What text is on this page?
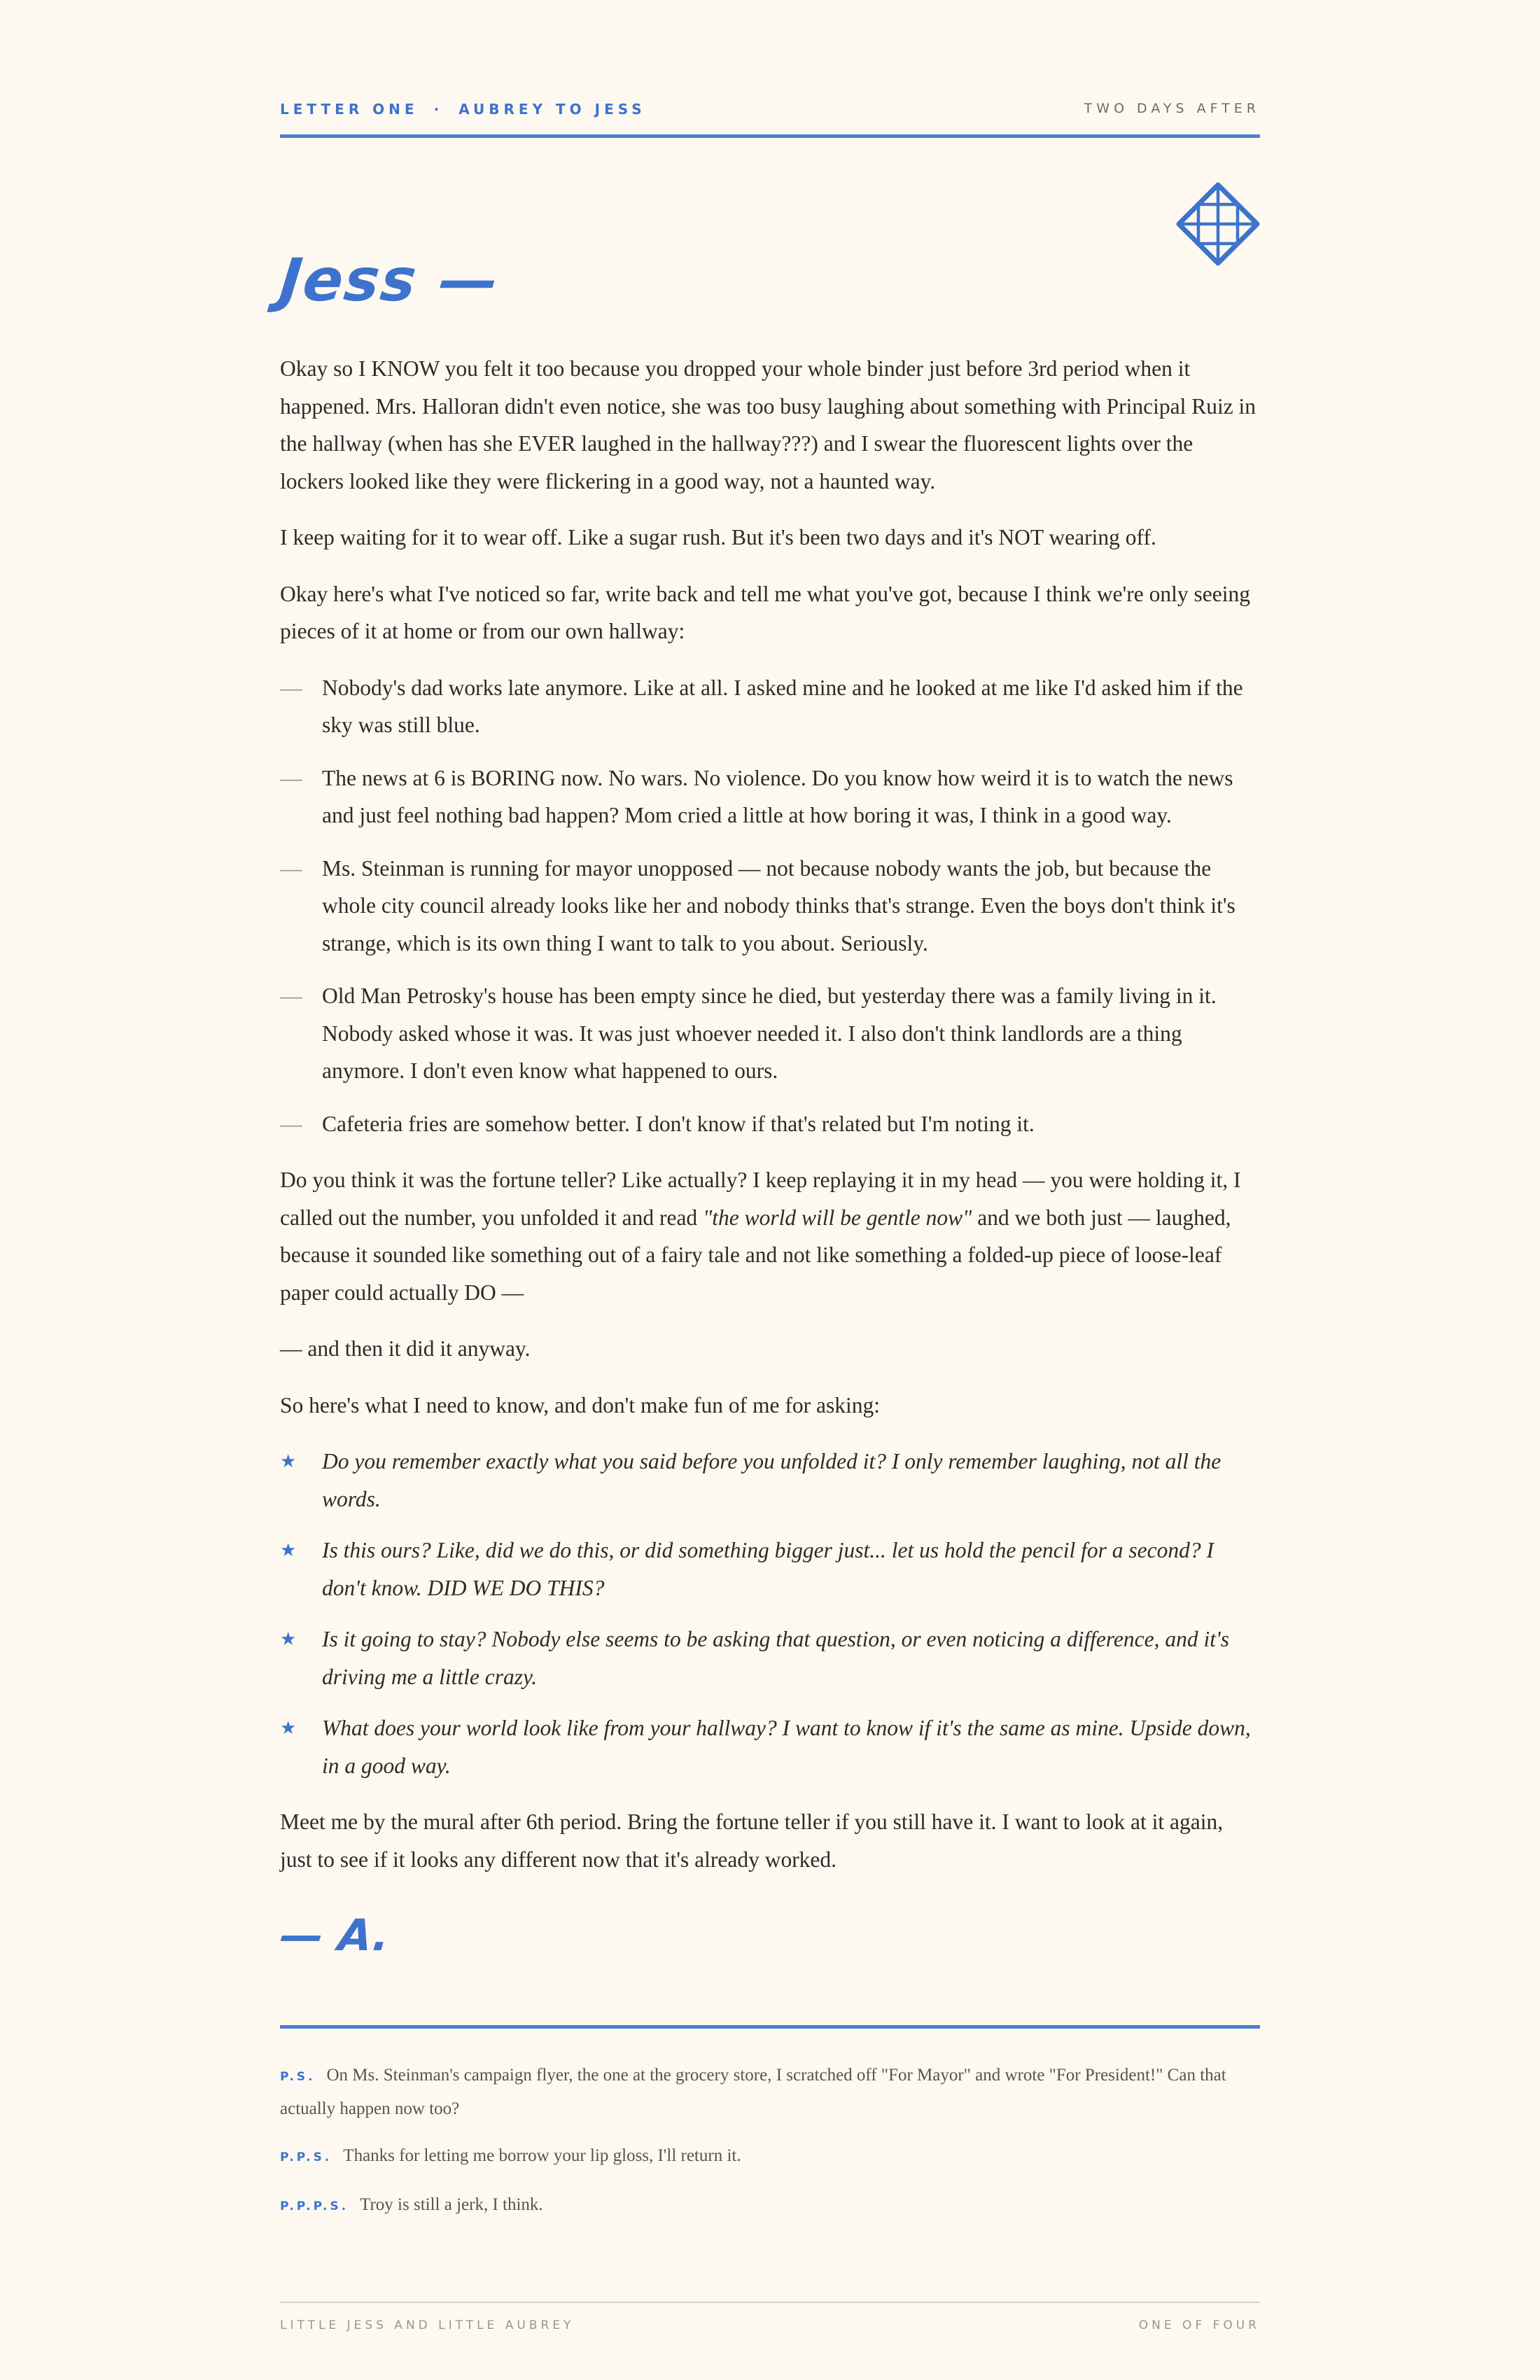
LETTER ONE · AUBREY TO JESS	TWO DAYS AFTER
Jess —

Okay so I KNOW you felt it too because you dropped your whole binder just before 3rd period when it happened. Mrs. Halloran didn't even notice, she was too busy laughing about something with Principal Ruiz in the hallway (when has she EVER laughed in the hallway???) and I swear the fluorescent lights over the lockers looked like they were flickering in a good way, not a haunted way.

I keep waiting for it to wear off. Like a sugar rush. But it's been two days and it's NOT wearing off.

Okay here's what I've noticed so far, write back and tell me what you've got, because I think we're only seeing pieces of it at home or from our own hallway:

— Nobody's dad works late anymore. Like at all. I asked mine and he looked at me like I'd asked him if the sky was still blue.
— The news at 6 is BORING now. No wars. No violence. Do you know how weird it is to watch the news and just feel nothing bad happen? Mom cried a little at how boring it was, I think in a good way.
— Ms. Steinman is running for mayor unopposed — not because nobody wants the job, but because the whole city council already looks like her and nobody thinks that's strange. Even the boys don't think it's strange, which is its own thing I want to talk to you about. Seriously.
— Old Man Petrosky's house has been empty since he died, but yesterday there was a family living in it. Nobody asked whose it was. It was just whoever needed it. I also don't think landlords are a thing anymore. I don't even know what happened to ours.
— Cafeteria fries are somehow better. I don't know if that's related but I'm noting it.

Do you think it was the fortune teller? Like actually? I keep replaying it in my head — you were holding it, I called out the number, you unfolded it and read "the world will be gentle now" and we both just — laughed, because it sounded like something out of a fairy tale and not like something a folded-up piece of loose-leaf paper could actually DO —

— and then it did it anyway.

So here's what I need to know, and don't make fun of me for asking:

★ Do you remember exactly what you said before you unfolded it? I only remember laughing, not all the words.
★ Is this ours? Like, did we do this, or did something bigger just... let us hold the pencil for a second? I don't know. DID WE DO THIS?
★ Is it going to stay? Nobody else seems to be asking that question, or even noticing a difference, and it's driving me a little crazy.
★ What does your world look like from your hallway? I want to know if it's the same as mine. Upside down, in a good way.

Meet me by the mural after 6th period. Bring the fortune teller if you still have it. I want to look at it again, just to see if it looks any different now that it's already worked.

— A.

P.S. On Ms. Steinman's campaign flyer, the one at the grocery store, I scratched off "For Mayor" and wrote "For President!" Can that actually happen now too?

P.P.S. Thanks for letting me borrow your lip gloss, I'll return it.

P.P.P.S. Troy is still a jerk, I think.

LITTLE JESS AND LITTLE AUBREY	ONE OF FOUR
